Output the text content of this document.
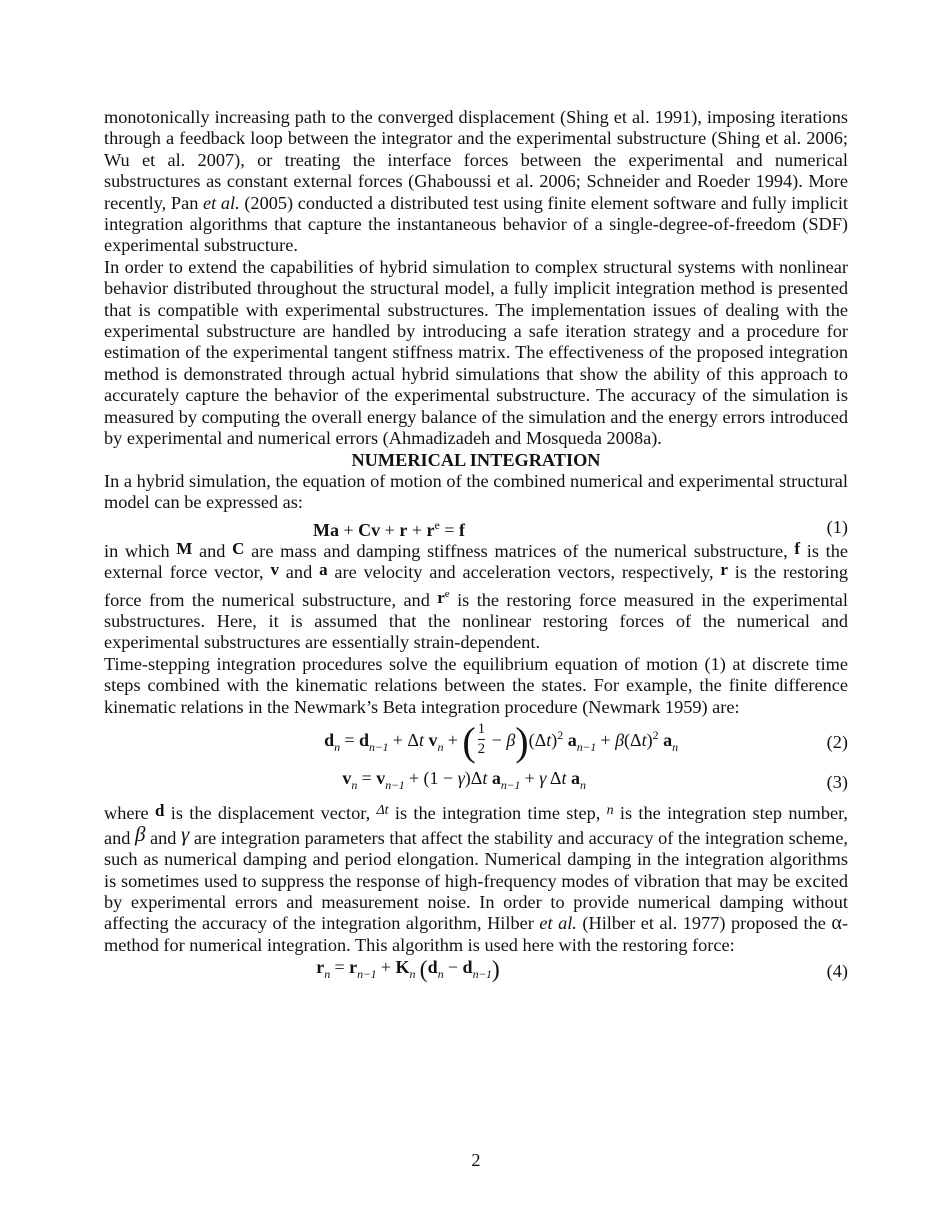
monotonically increasing path to the converged displacement (Shing et al. 1991), imposing iterations through a feedback loop between the integrator and the experimental substructure (Shing et al. 2006; Wu et al. 2007), or treating the interface forces between the experimental and numerical substructures as constant external forces (Ghaboussi et al. 2006; Schneider and Roeder 1994). More recently, Pan et al. (2005) conducted a distributed test using finite element software and fully implicit integration algorithms that capture the instantaneous behavior of a single-degree-of-freedom (SDF) experimental substructure.

In order to extend the capabilities of hybrid simulation to complex structural systems with nonlinear behavior distributed throughout the structural model, a fully implicit integration method is presented that is compatible with experimental substructures. The implementation issues of dealing with the experimental substructure are handled by introducing a safe iteration strategy and a procedure for estimation of the experimental tangent stiffness matrix. The effectiveness of the proposed integration method is demonstrated through actual hybrid simulations that show the ability of this approach to accurately capture the behavior of the experimental substructure. The accuracy of the simulation is measured by computing the overall energy balance of the simulation and the energy errors introduced by experimental and numerical errors (Ahmadizadeh and Mosqueda 2008a).

NUMERICAL INTEGRATION

In a hybrid simulation, the equation of motion of the combined numerical and experimental structural model can be expressed as:

$Ma + Cv + r + r^e = f$	(1)

in which M and C are mass and damping stiffness matrices of the numerical substructure, f is the external force vector, v and a are velocity and acceleration vectors, respectively, r is the restoring force from the numerical substructure, and $r^e$ is the restoring force measured in the experimental substructures. Here, it is assumed that the nonlinear restoring forces of the numerical and experimental substructures are essentially strain-dependent.

Time-stepping integration procedures solve the equilibrium equation of motion (1) at discrete time steps combined with the kinematic relations between the states. For example, the finite difference kinematic relations in the Newmark’s Beta integration procedure (Newmark 1959) are:

$d_n = d_{n-1} + \Delta t$ $v_n$ + ( $\frac{1}{2} - \beta)(\Delta t)^2$ $a_{n-1} + \beta(\Delta t)^2$ $a_n$	(2)
$v_n = v_{n-1} + (1 - \gamma)\Delta t$ $a_{n-1} + \gamma$ Δt $a_n$	(3)

where d is the displacement vector, $^{\Delta t}$ is the integration time step, $^n$ is the integration step number, and β and γ are integration parameters that affect the stability and accuracy of the integration scheme, such as numerical damping and period elongation. Numerical damping in the integration algorithms is sometimes used to suppress the response of high-frequency modes of vibration that may be excited by experimental errors and measurement noise. In order to provide numerical damping without affecting the accuracy of the integration algorithm, Hilber et al. (Hilber et al. 1977) proposed the α-method for numerical integration. This algorithm is used here with the restoring force:

$r_n = r_{n-1} + K_n$ $(d_n - d_{n-1})$	(4)
2
